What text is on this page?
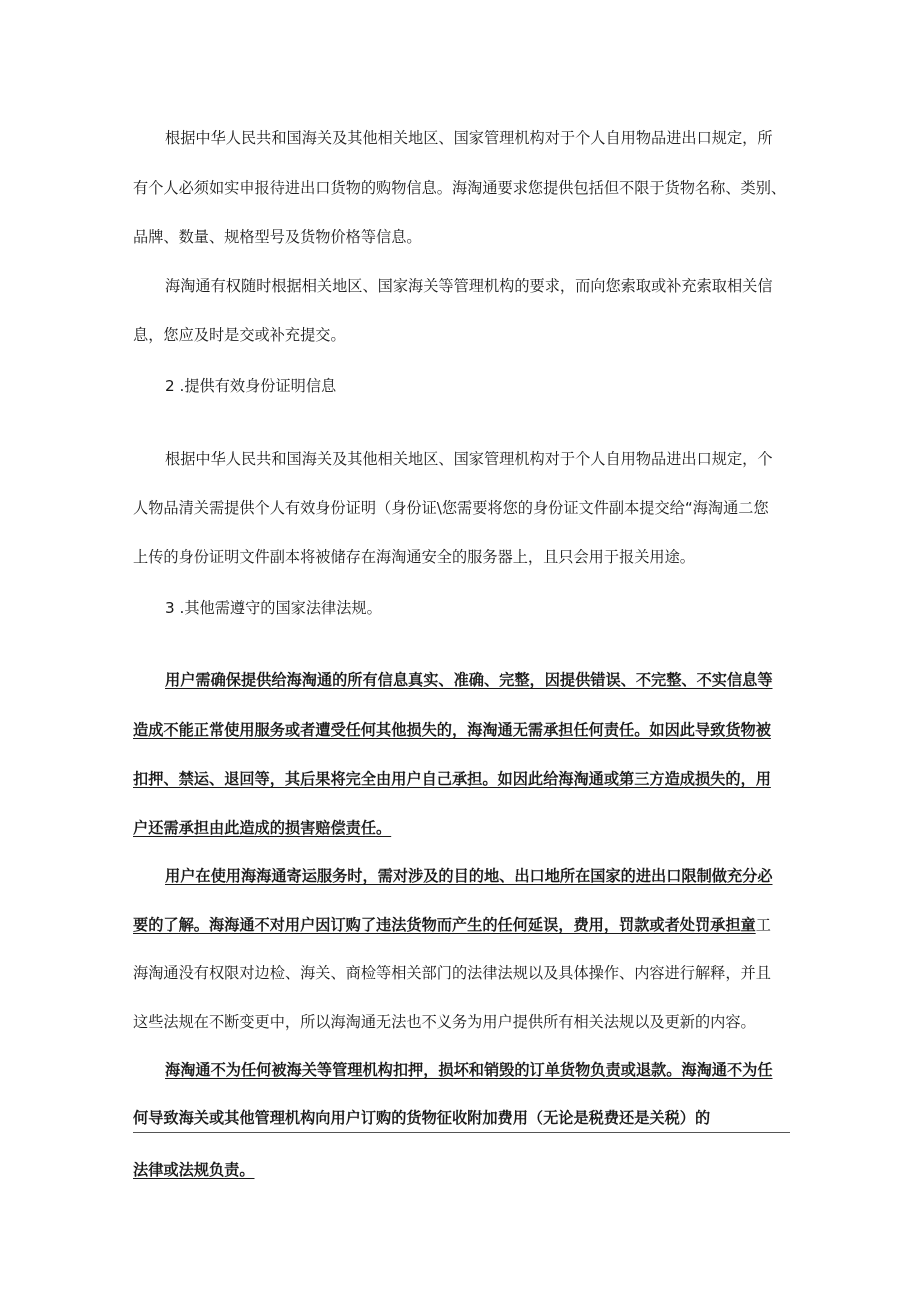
根据中华人民共和国海关及其他相关地区、国家管理机构对于个人自用物品进出口规定，所
有个人必须如实申报待进出口货物的购物信息。海淘通要求您提供包括但不限于货物名称、类别、
品牌、数量、规格型号及货物价格等信息。
海淘通有权随时根据相关地区、国家海关等管理机构的要求，而向您索取或补充索取相关信
息，您应及时是交或补充提交。
2 .提供有效身份证明信息
根据中华人民共和国海关及其他相关地区、国家管理机构对于个人自用物品进出口规定，个
人物品清关需提供个人有效身份证明（身份证\您需要将您的身份证文件副本提交给“海淘通二您
上传的身份证明文件副本将被储存在海淘通安全的服务器上，且只会用于报关用途。
3 .其他需遵守的国家法律法规。
用户需确保提供给海淘通的所有信息真实、准确、完整，因提供错误、不完整、不实信息等
造成不能正常使用服务或者遭受任何其他损失的，海淘通无需承担任何责任。如因此导致货物被
扣押、禁运、退回等，其后果将完全由用户自己承担。如因此给海淘通或第三方造成损失的，用
户还需承担由此造成的损害赔偿责任。
用户在使用海海通寄运服务时，需对涉及的目的地、出口地所在国家的进出口限制做充分必
要的了解。海海通不对用户因订购了违法货物而产生的任何延误，费用，罚款或者处罚承担童工
海淘通没有权限对边检、海关、商检等相关部门的法律法规以及具体操作、内容进行解释，并且
这些法规在不断变更中，所以海淘通无法也不义务为用户提供所有相关法规以及更新的内容。
海淘通不为任何被海关等管理机构扣押，损坏和销毁的订单货物负责或退款。海淘通不为任
何导致海关或其他管理机构向用户订购的货物征收附加费用（无论是税费还是关税）的
法律或法规负责。
